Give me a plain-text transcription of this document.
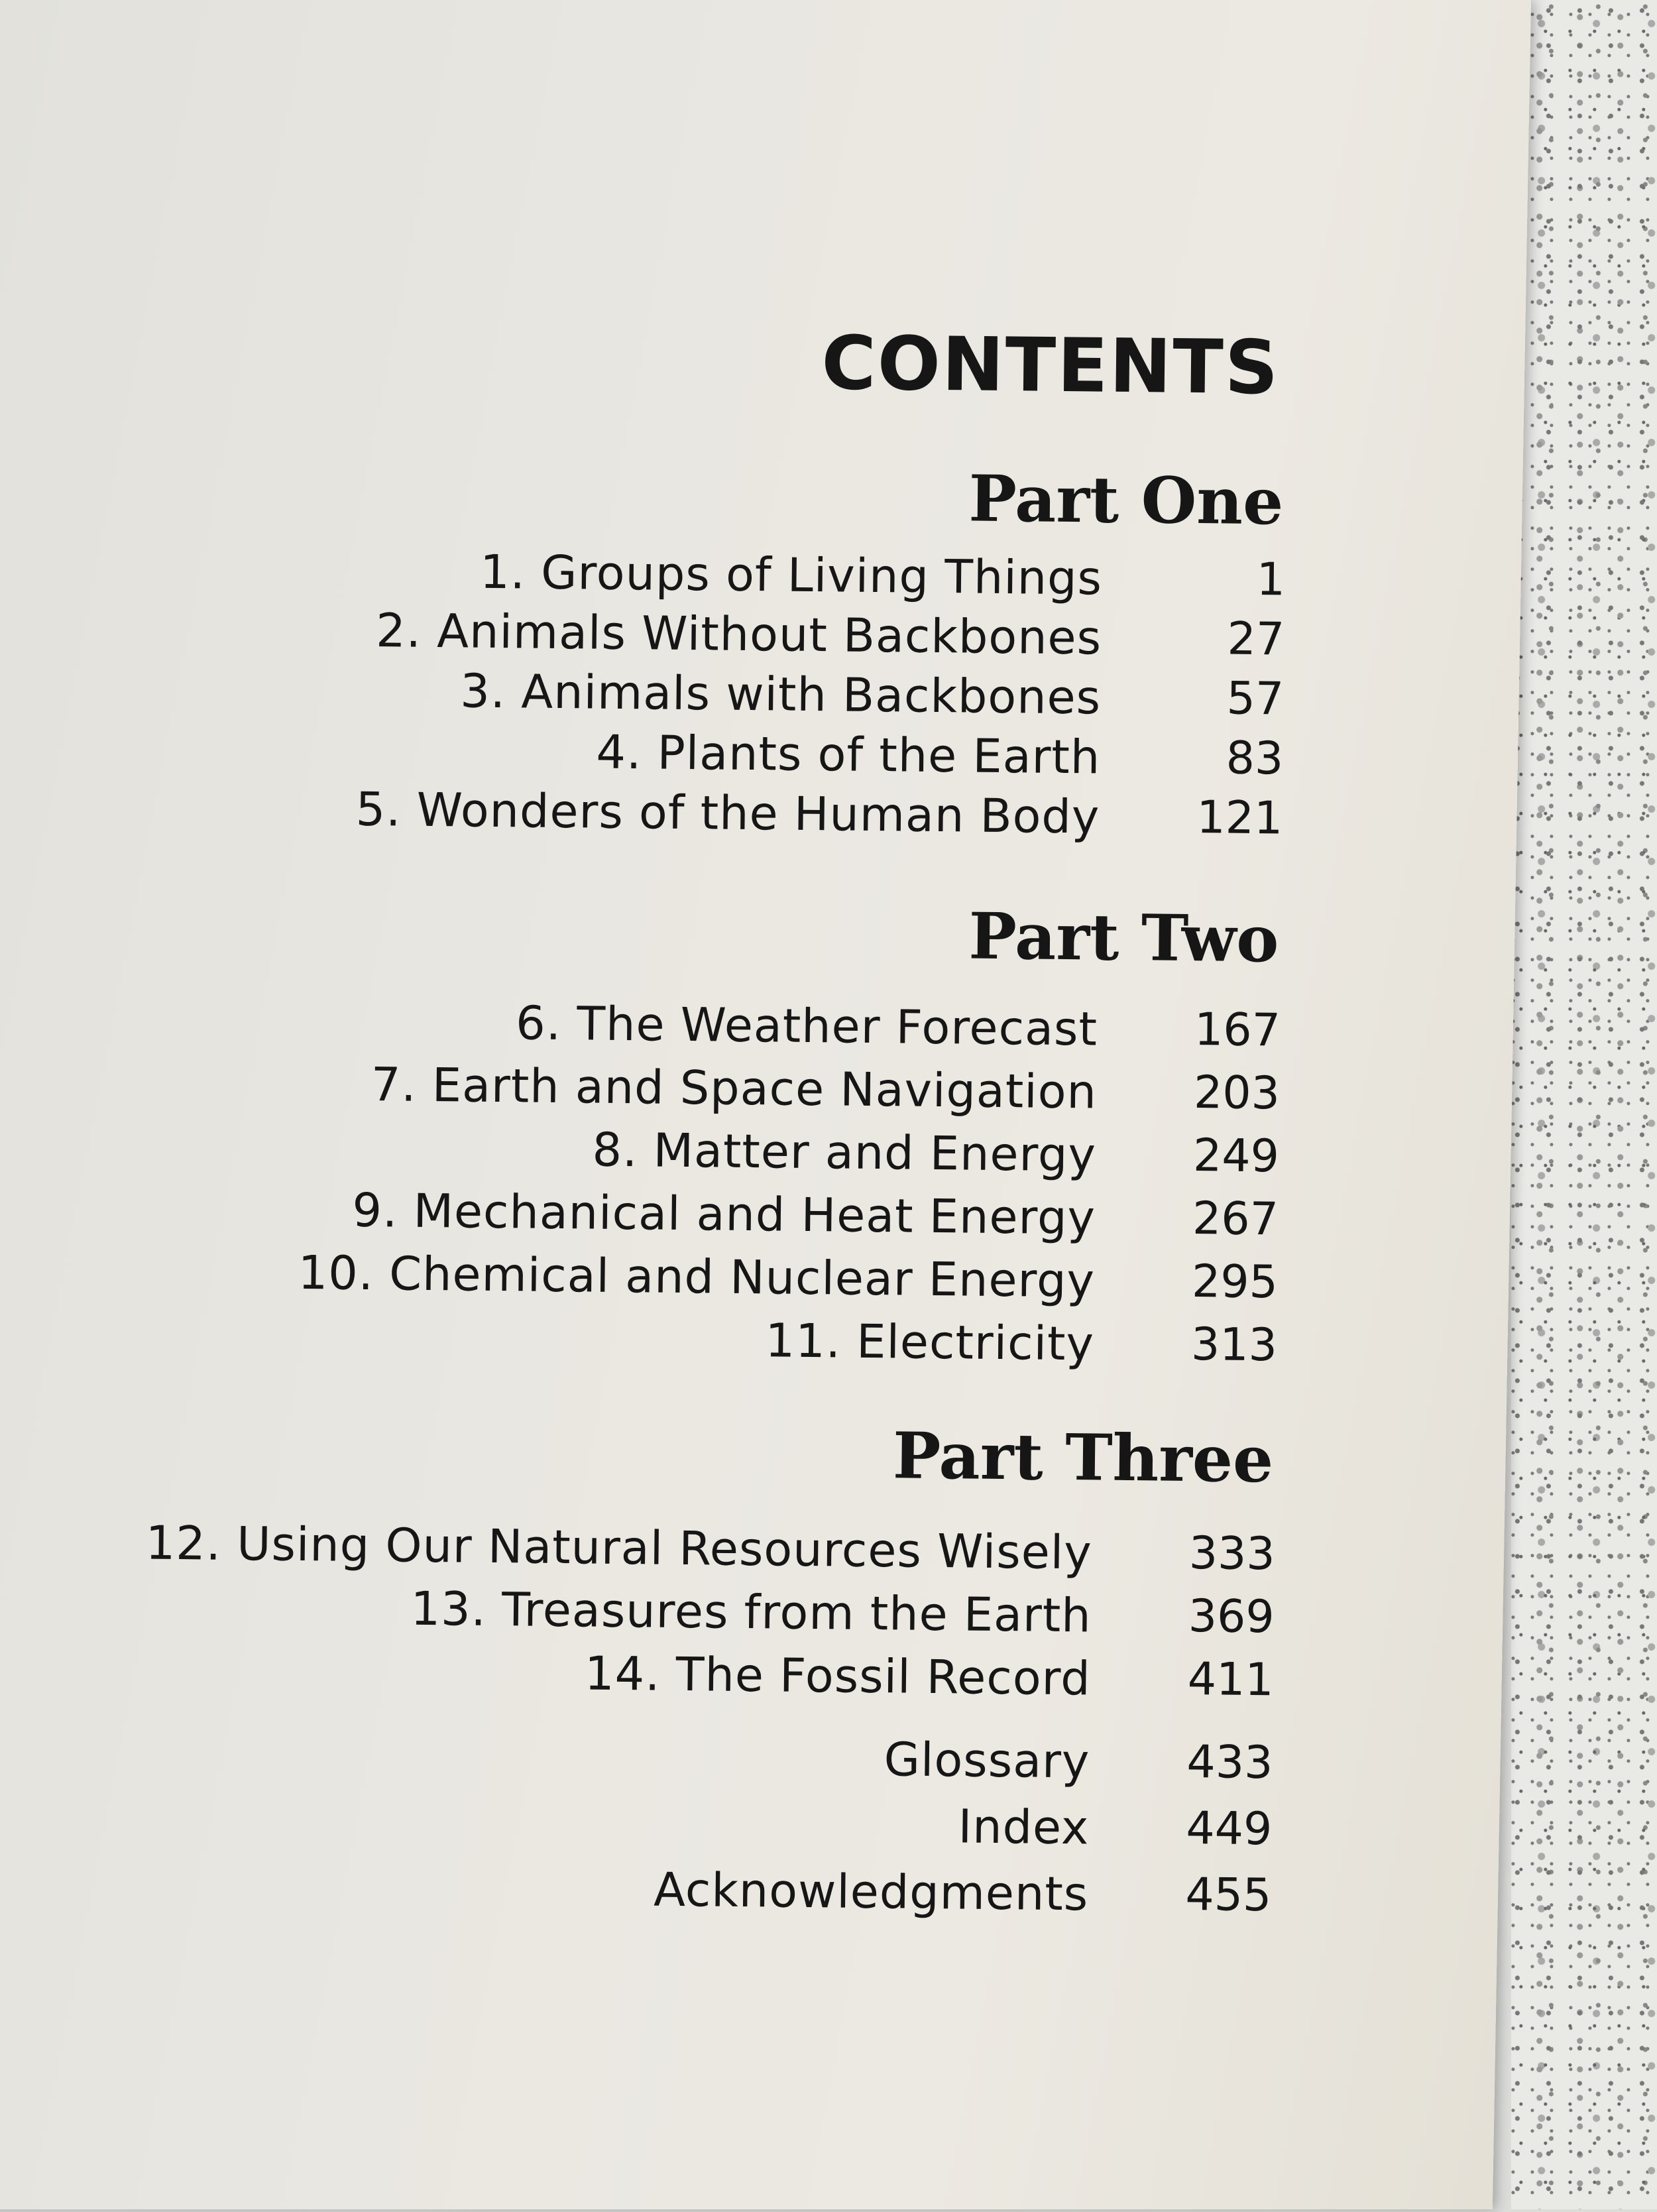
CONTENTS
Part One
1. Groups of Living Things	1
2. Animals Without Backbones	27
3. Animals with Backbones	57
4. Plants of the Earth	83
5. Wonders of the Human Body 121
Part Two
6. The Weather Forecast 167
7. Earth and Space Navigation 203
8. Matter and Energy 249
9. Mechanical and Heat Energy 267
10. Chemical and Nuclear Energy 295
11. Electricity 313
Part Three
12. Using Our Natural Resources Wisely 333
13. Treasures from the Earth 369
14. The Fossil Record 411
Glossary 433
Index 449
Acknowledgments 455
